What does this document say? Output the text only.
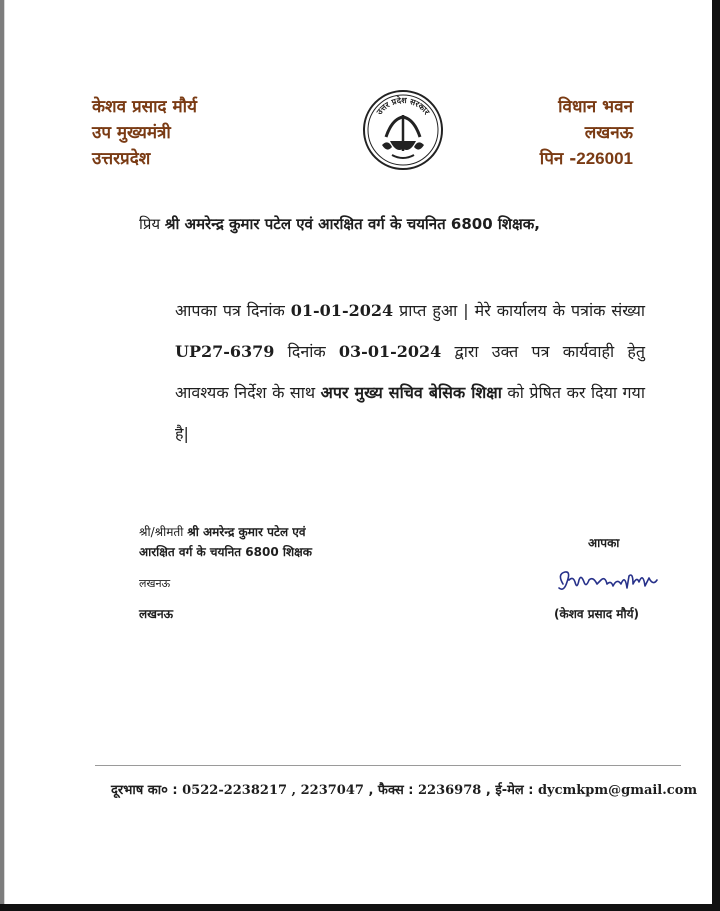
केशव प्रसाद मौर्य
उप मुख्यमंत्री
उत्तरप्रदेश
उत्तर प्रदेश सरकार	विधान भवन
लखनऊ
पिन -226001
प्रिय श्री अमरेन्द्र कुमार पटेल एवं आरक्षित वर्ग के चयनित 6800 शिक्षक,
आपका पत्र दिनांक 01-01-2024 प्राप्त हुआ | मेरे कार्यालय के पत्रांक संख्या UP27-6379 दिनांक 03-01-2024 द्वारा उक्त पत्र कार्यवाही हेतु आवश्यक निर्देश के साथ अपर मुख्य सचिव बेसिक शिक्षा को प्रेषित कर दिया गया है|
श्री/श्रीमती श्री अमरेन्द्र कुमार पटेल एवं
आरक्षित वर्ग के चयनित 6800 शिक्षक
लखनऊ
लखनऊ
आपका
(केशव प्रसाद मौर्य)
दूरभाष का० : 0522-2238217 , 2237047 , फैक्स : 2236978 , ई-मेल : dycmkpm@gmail.com
